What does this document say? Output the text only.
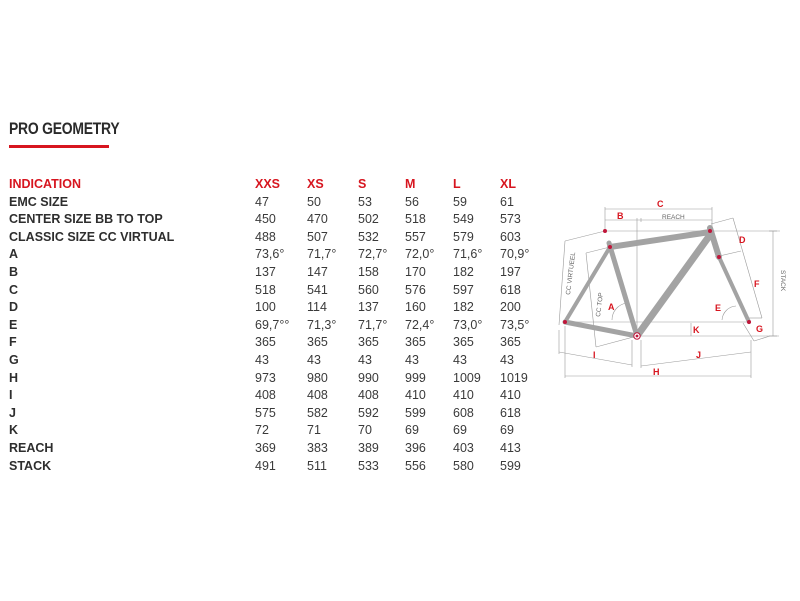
PRO GEOMETRY
INDICATION	XXS	XS	S	M	L	XL
EMC SIZE	47	50	53	56	59	61
CENTER SIZE BB TO TOP	450	470	502	518	549	573
CLASSIC SIZE CC VIRTUAL	488	507	532	557	579	603
A	73,6°	71,7°	72,7°	72,0°	71,6°	70,9°
B	137	147	158	170	182	197
C	518	541	560	576	597	618
D	100	114	137	160	182	200
E	69,7°°	71,3°	71,7°	72,4°	73,0°	73,5°
F	365	365	365	365	365	365
G	43	43	43	43	43	43
H	973	980	990	999	1009	1019
I	408	408	408	410	410	410
J	575	582	592	599	608	618
K	72	71	70	69	69	69
REACH	369	383	389	396	403	413
STACK	491	511	533	556	580	599
C
B	REACH
D
F
G
A	E
K
I	J
H
STACK
CC VIRTUEEL
CC TOP
